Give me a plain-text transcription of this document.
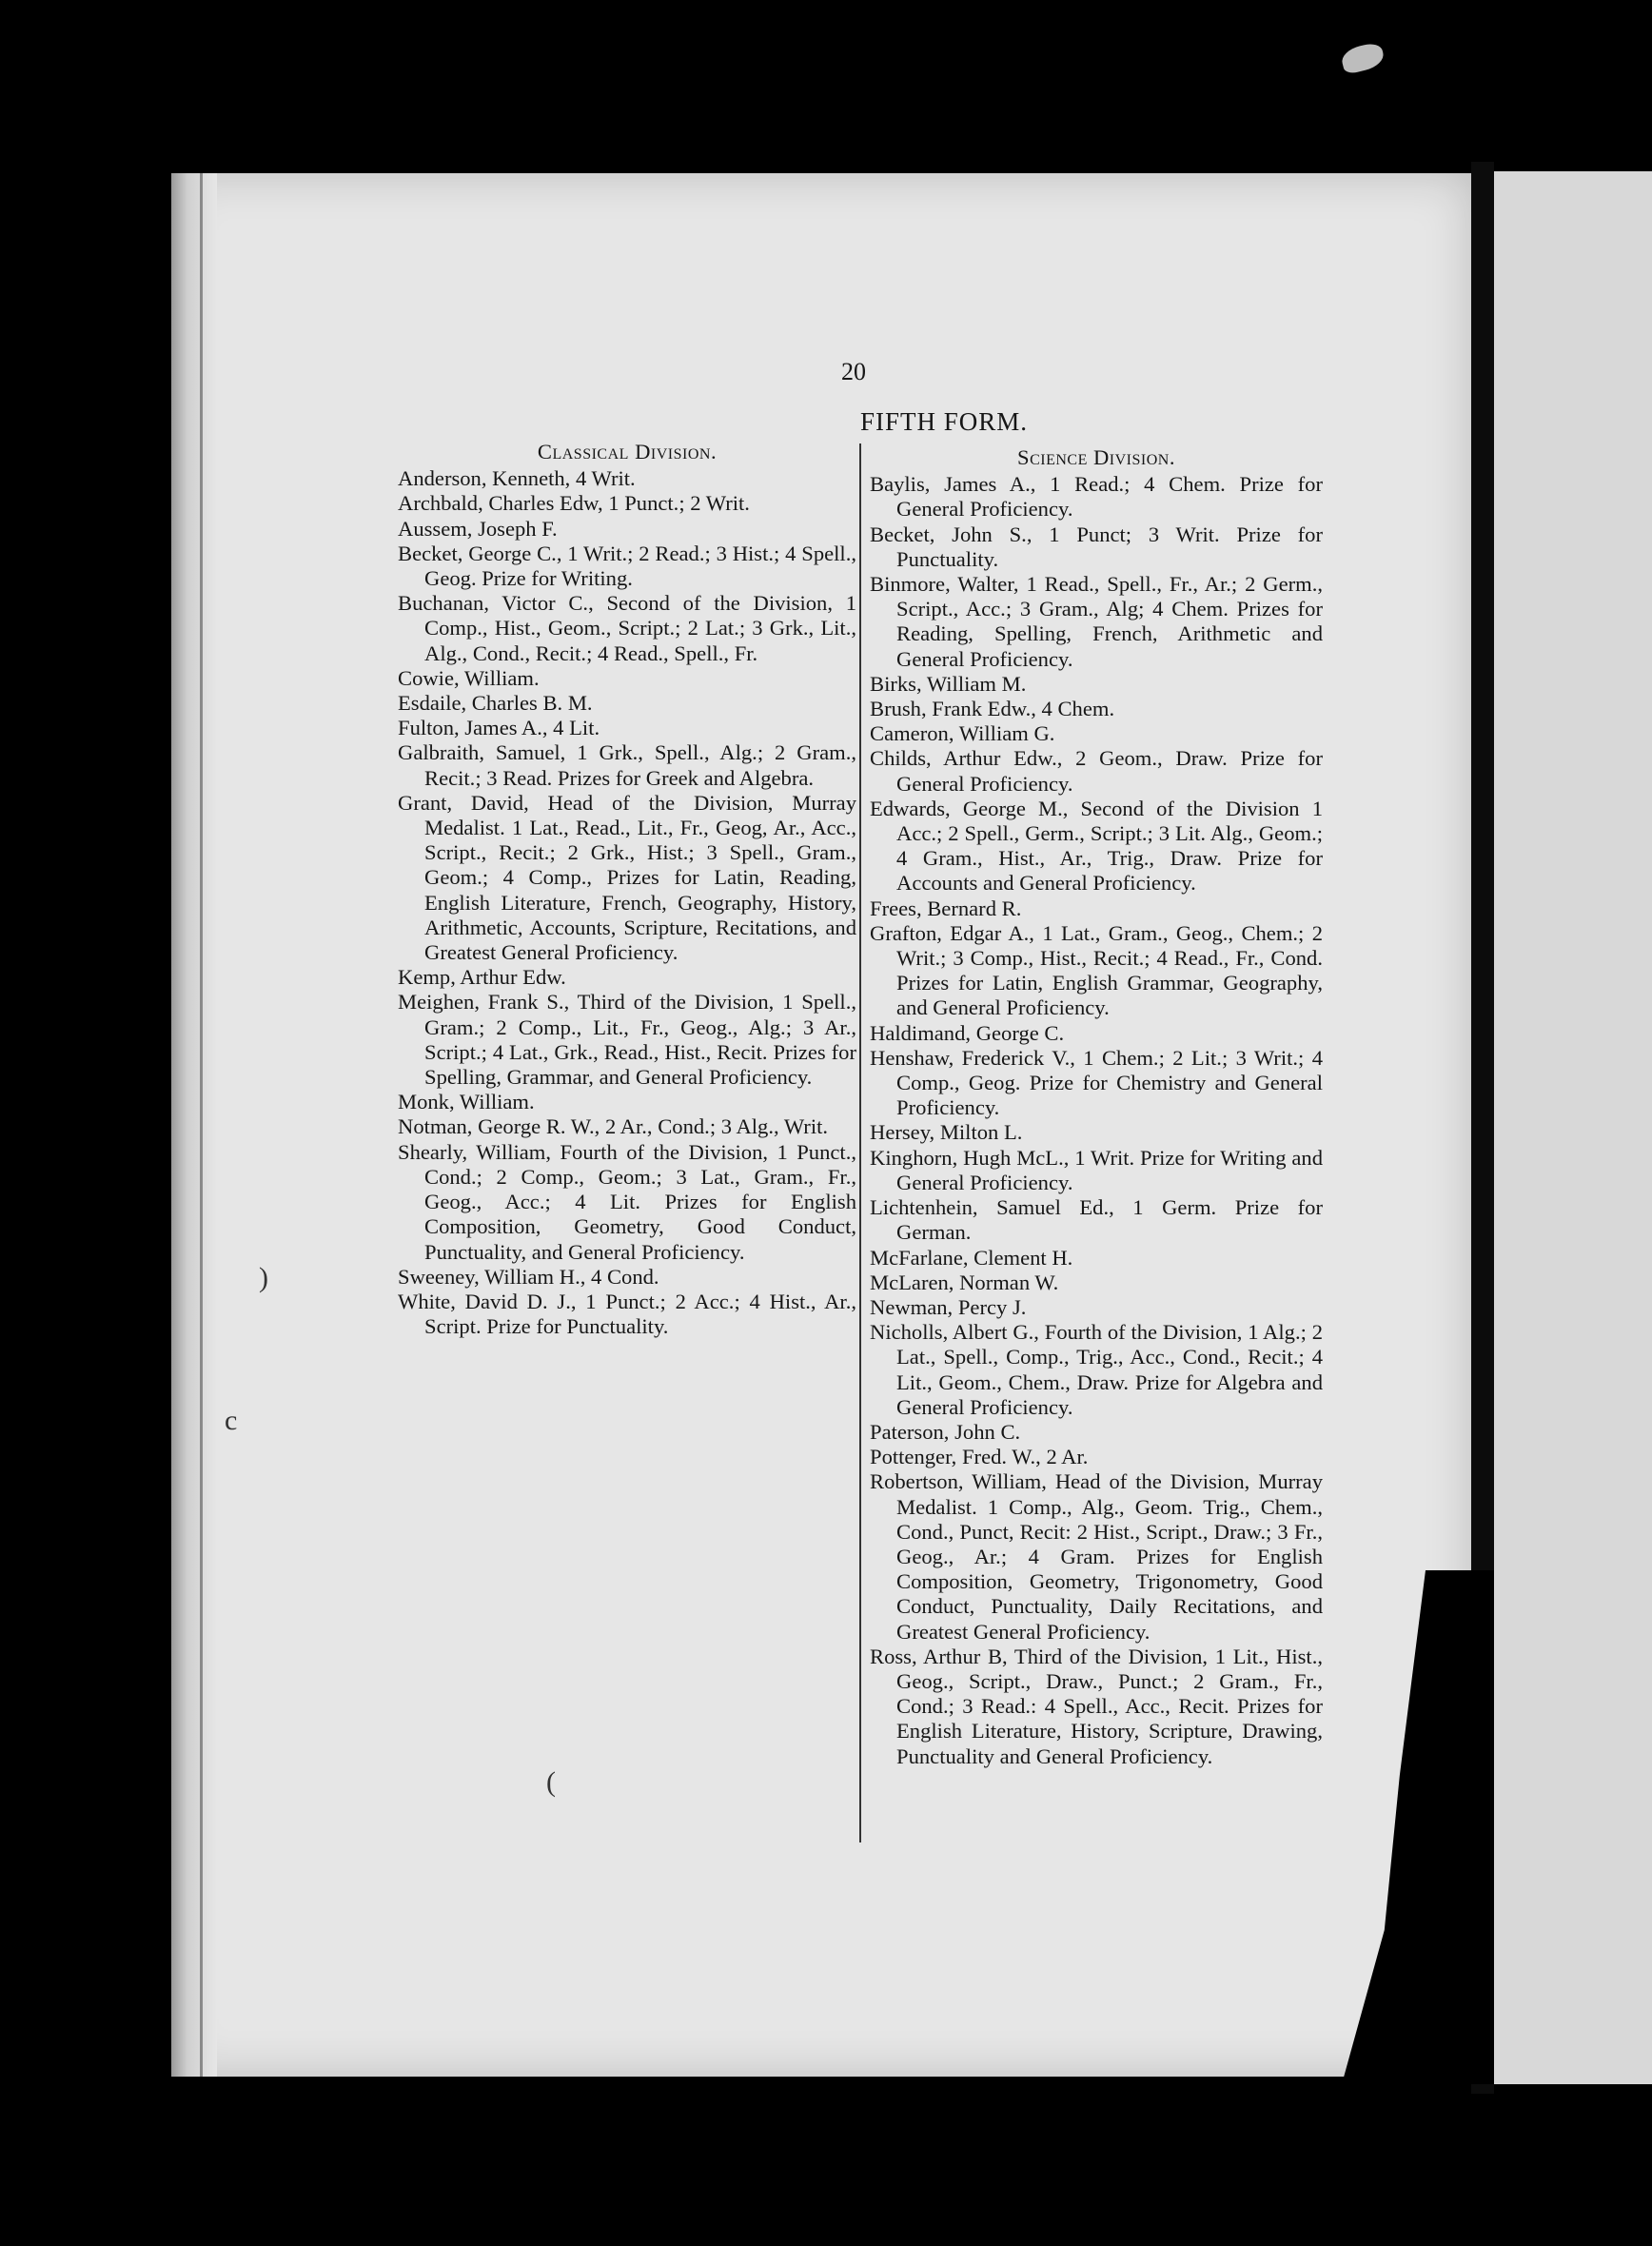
20
FIFTH FORM.
Classical Division.
Anderson, Kenneth, 4 Writ.
Archbald, Charles Edw, 1 Punct.; 2 Writ.
Aussem, Joseph F.
Becket, George C., 1 Writ.; 2 Read.; 3 Hist.; 4 Spell., Geog. Prize for Writing.
Buchanan, Victor C., Second of the Division, 1 Comp., Hist., Geom., Script.; 2 Lat.; 3 Grk., Lit., Alg., Cond., Recit.; 4 Read., Spell., Fr.
Cowie, William.
Esdaile, Charles B. M.
Fulton, James A., 4 Lit.
Galbraith, Samuel, 1 Grk., Spell., Alg.; 2 Gram., Recit.; 3 Read. Prizes for Greek and Algebra.
Grant, David, Head of the Division, Murray Medalist. 1 Lat., Read., Lit., Fr., Geog, Ar., Acc., Script., Recit.; 2 Grk., Hist.; 3 Spell., Gram., Geom.; 4 Comp., Prizes for Latin, Reading, English Literature, French, Geography, History, Arithmetic, Accounts, Scripture, Recitations, and Greatest General Proficiency.
Kemp, Arthur Edw.
Meighen, Frank S., Third of the Division, 1 Spell., Gram.; 2 Comp., Lit., Fr., Geog., Alg.; 3 Ar., Script.; 4 Lat., Grk., Read., Hist., Recit. Prizes for Spelling, Grammar, and General Proficiency.
Monk, William.
Notman, George R. W., 2 Ar., Cond.; 3 Alg., Writ.
Shearly, William, Fourth of the Division, 1 Punct., Cond.; 2 Comp., Geom.; 3 Lat., Gram., Fr., Geog., Acc.; 4 Lit. Prizes for English Composition, Geometry, Good Conduct, Punctuality, and General Proficiency.
Sweeney, William H., 4 Cond.
White, David D. J., 1 Punct.; 2 Acc.; 4 Hist., Ar., Script. Prize for Punctuality.
Science Division.
Baylis, James A., 1 Read.; 4 Chem. Prize for General Proficiency.
Becket, John S., 1 Punct; 3 Writ. Prize for Punctuality.
Binmore, Walter, 1 Read., Spell., Fr., Ar.; 2 Germ., Script., Acc.; 3 Gram., Alg; 4 Chem. Prizes for Reading, Spelling, French, Arithmetic and General Proficiency.
Birks, William M.
Brush, Frank Edw., 4 Chem.
Cameron, William G.
Childs, Arthur Edw., 2 Geom., Draw. Prize for General Proficiency.
Edwards, George M., Second of the Division 1 Acc.; 2 Spell., Germ., Script.; 3 Lit. Alg., Geom.; 4 Gram., Hist., Ar., Trig., Draw. Prize for Accounts and General Proficiency.
Frees, Bernard R.
Grafton, Edgar A., 1 Lat., Gram., Geog., Chem.; 2 Writ.; 3 Comp., Hist., Recit.; 4 Read., Fr., Cond. Prizes for Latin, English Grammar, Geography, and General Proficiency.
Haldimand, George C.
Henshaw, Frederick V., 1 Chem.; 2 Lit.; 3 Writ.; 4 Comp., Geog. Prize for Chemistry and General Proficiency.
Hersey, Milton L.
Kinghorn, Hugh McL., 1 Writ. Prize for Writing and General Proficiency.
Lichtenhein, Samuel Ed., 1 Germ. Prize for German.
McFarlane, Clement H.
McLaren, Norman W.
Newman, Percy J.
Nicholls, Albert G., Fourth of the Division, 1 Alg.; 2 Lat., Spell., Comp., Trig., Acc., Cond., Recit.; 4 Lit., Geom., Chem., Draw. Prize for Algebra and General Proficiency.
Paterson, John C.
Pottenger, Fred. W., 2 Ar.
Robertson, William, Head of the Division, Murray Medalist. 1 Comp., Alg., Geom. Trig., Chem., Cond., Punct, Recit: 2 Hist., Script., Draw.; 3 Fr., Geog., Ar.; 4 Gram. Prizes for English Composition, Geometry, Trigonometry, Good Conduct, Punctuality, Daily Recitations, and Greatest General Proficiency.
Ross, Arthur B, Third of the Division, 1 Lit., Hist., Geog., Script., Draw., Punct.; 2 Gram., Fr., Cond.; 3 Read.: 4 Spell., Acc., Recit. Prizes for English Literature, History, Scripture, Drawing, Punctuality and General Proficiency.
)
c
(
